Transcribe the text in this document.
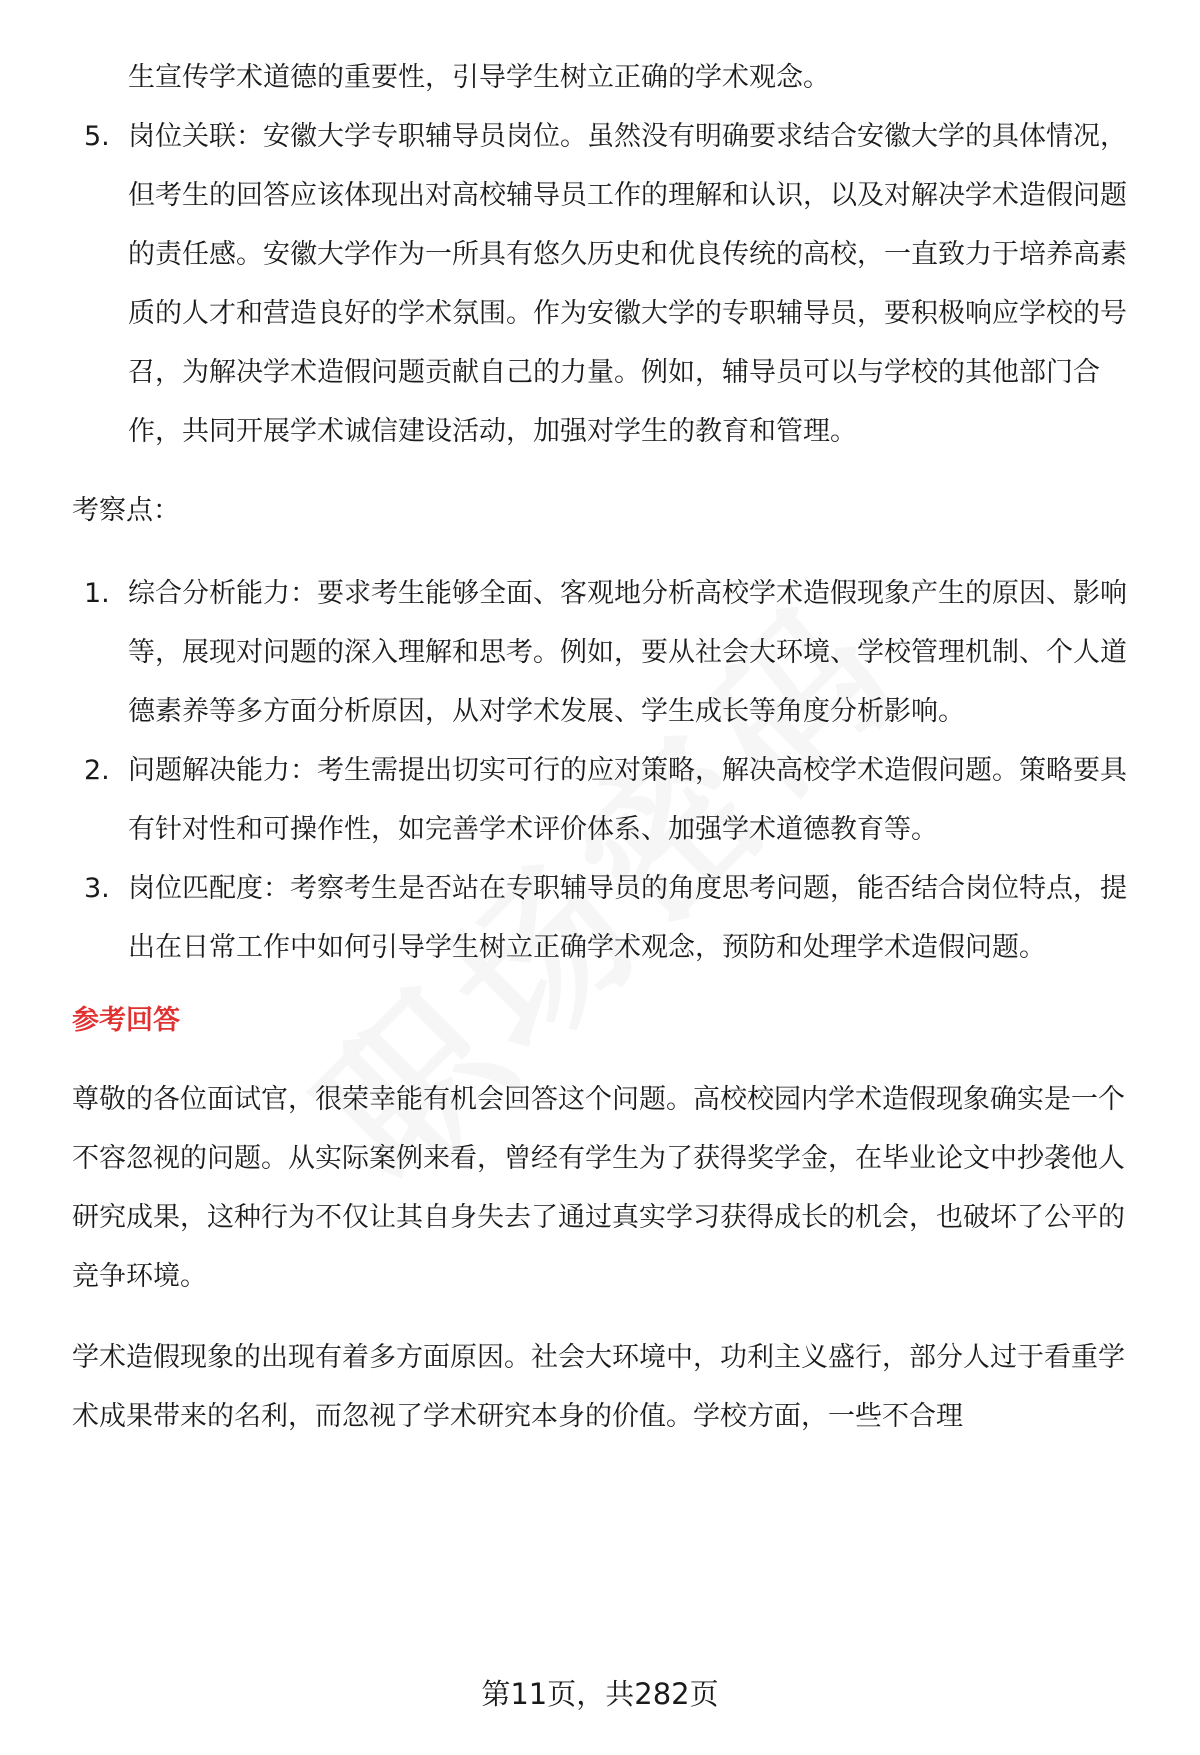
生宣传学术道德的重要性，引导学生树立正确的学术观念。
5. 岗位关联：安徽大学专职辅导员岗位。虽然没有明确要求结合安徽大学的具体情况，但考生的回答应该体现出对高校辅导员工作的理解和认识，以及对解决学术造假问题的责任感。安徽大学作为一所具有悠久历史和优良传统的高校，一直致力于培养高素质的人才和营造良好的学术氛围。作为安徽大学的专职辅导员，要积极响应学校的号召，为解决学术造假问题贡献自己的力量。例如，辅导员可以与学校的其他部门合作，共同开展学术诚信建设活动，加强对学生的教育和管理。
考察点：
1. 综合分析能力：要求考生能够全面、客观地分析高校学术造假现象产生的原因、影响等，展现对问题的深入理解和思考。例如，要从社会大环境、学校管理机制、个人道德素养等多方面分析原因，从对学术发展、学生成长等角度分析影响。
2. 问题解决能力：考生需提出切实可行的应对策略，解决高校学术造假问题。策略要具有针对性和可操作性，如完善学术评价体系、加强学术道德教育等。
3. 岗位匹配度：考察考生是否站在专职辅导员的角度思考问题，能否结合岗位特点，提出在日常工作中如何引导学生树立正确学术观念，预防和处理学术造假问题。
参考回答

尊敬的各位面试官，很荣幸能有机会回答这个问题。高校校园内学术造假现象确实是一个不容忽视的问题。从实际案例来看，曾经有学生为了获得奖学金，在毕业论文中抄袭他人研究成果，这种行为不仅让其自身失去了通过真实学习获得成长的机会，也破坏了公平的竞争环境。

学术造假现象的出现有着多方面原因。社会大环境中，功利主义盛行，部分人过于看重学术成果带来的名利，而忽视了学术研究本身的价值。学校方面，一些不合理

第11页，共282页
